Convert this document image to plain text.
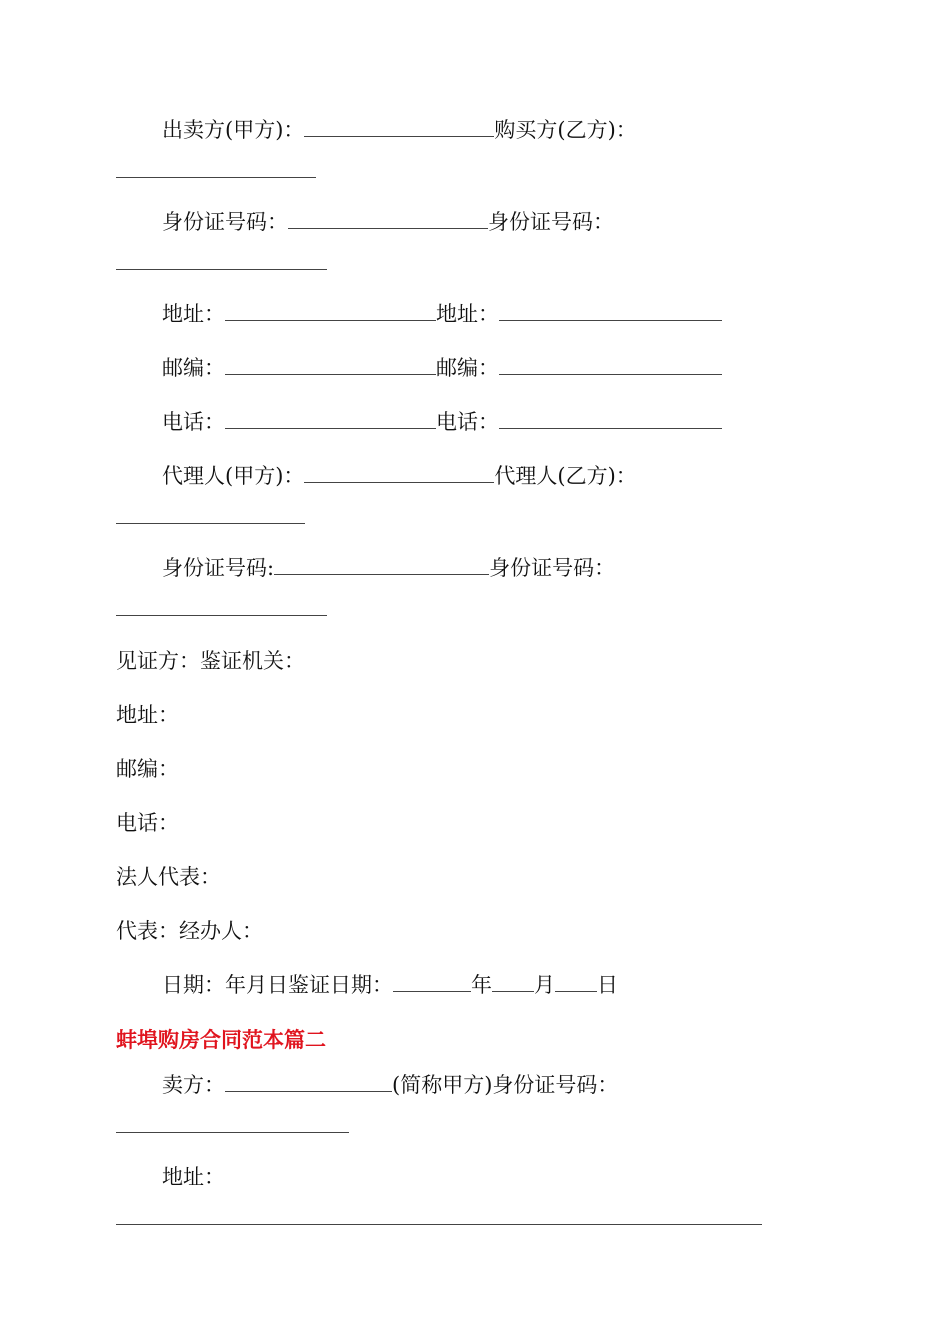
出卖方(甲方)：	购买方(乙方)：
身份证号码：	身份证号码：
地址：	地址：
邮编：	邮编：
电话：	电话：
代理人(甲方)：	代理人(乙方)：
身份证号码:	身份证号码：
见证方：鉴证机关：
地址：
邮编：
电话：
法人代表：
代表：经办人：
日期：年月日鉴证日期：	年 月 日
蚌埠购房合同范本篇二
卖方：	(简称甲方)身份证号码：
地址：
